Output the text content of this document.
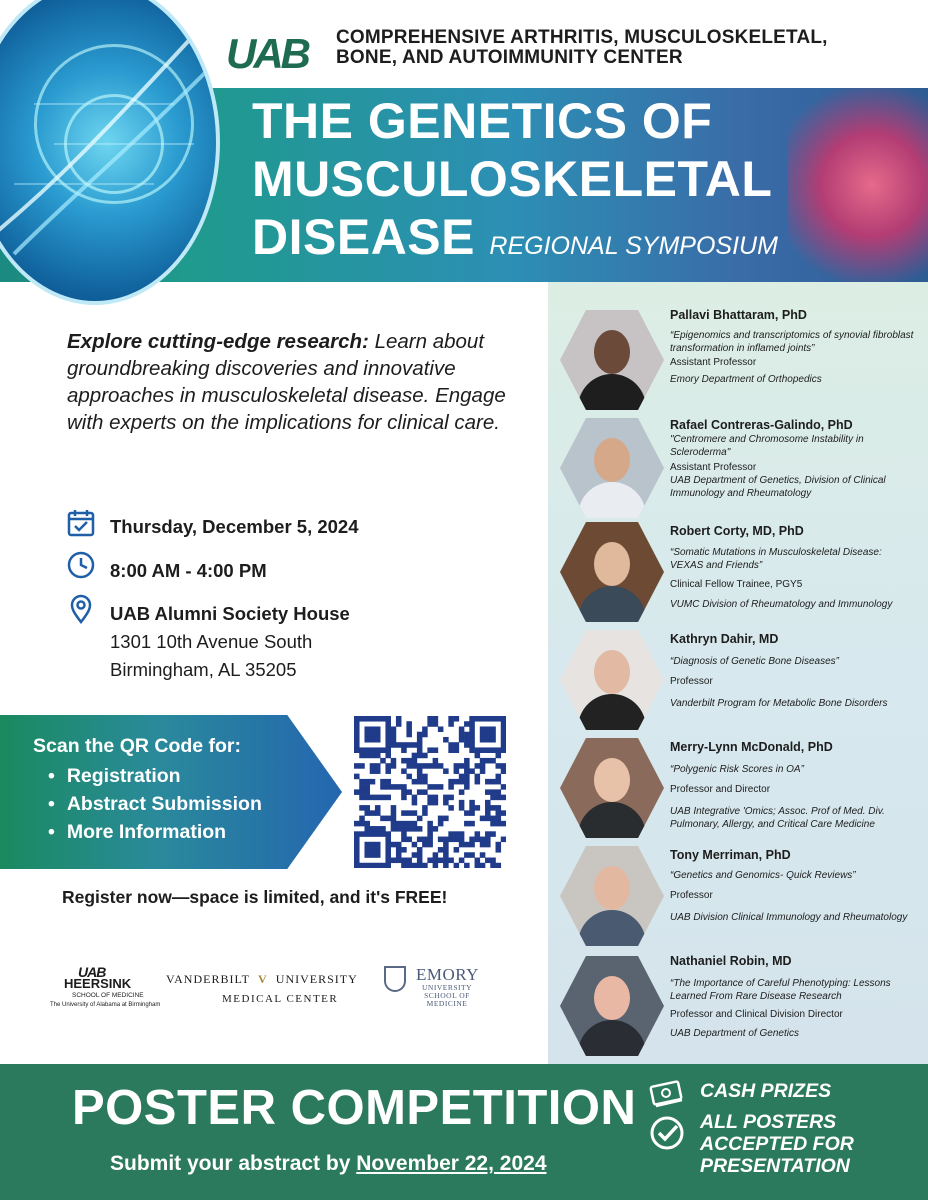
UAB COMPREHENSIVE ARTHRITIS, MUSCULOSKELETAL,
BONE, AND AUTOIMMUNITY CENTER
THE GENETICS OF
MUSCULOSKELETAL
DISEASE REGIONAL SYMPOSIUM
Pallavi Bhattaram, PhD
“Epigenomics and transcriptomics of synovial fibroblast transformation in inflamed joints”
Assistant Professor
Emory Department of Orthopedics
Rafael Contreras-Galindo, PhD
"Centromere and Chromosome Instability in Scleroderma"
Assistant Professor
UAB Department of Genetics, Division of Clinical Immunology and Rheumatology
Robert Corty, MD, PhD
“Somatic Mutations in Musculoskeletal Disease: VEXAS and Friends”
Clinical Fellow Trainee, PGY5
VUMC Division of Rheumatology and Immunology
Kathryn Dahir, MD
“Diagnosis of Genetic Bone Diseases”
Professor
Vanderbilt Program for Metabolic Bone Disorders
Merry-Lynn McDonald, PhD
“Polygenic Risk Scores in OA”
Professor and Director
UAB Integrative 'Omics; Assoc. Prof of Med. Div. Pulmonary, Allergy, and Critical Care Medicine
Tony Merriman, PhD
“Genetics and Genomics- Quick Reviews”
Professor
UAB Division Clinical Immunology and Rheumatology
Nathaniel Robin, MD
“The Importance of Careful Phenotyping: Lessons Learned From Rare Disease Research
Professor and Clinical Division Director
UAB Department of Genetics
Explore cutting-edge research: Learn about groundbreaking discoveries and innovative approaches in musculoskeletal disease. Engage with experts on the implications for clinical care.
Thursday, December 5, 2024
8:00 AM - 4:00 PM
UAB Alumni Society House
1301 10th Avenue South
Birmingham, AL 35205
Scan the QR Code for:
• Registration
• Abstract Submission
• More Information
Register now—space is limited, and it's FREE!
UAB
HEERSINK
SCHOOL OF MEDICINE
The University of Alabama at Birmingham
VANDERBILT V UNIVERSITY
MEDICAL CENTER
EMORY
UNIVERSITY
SCHOOL OF
MEDICINE
POSTER COMPETITION
Submit your abstract by November 22, 2024
CASH PRIZES
ALL POSTERS
ACCEPTED FOR
PRESENTATION
